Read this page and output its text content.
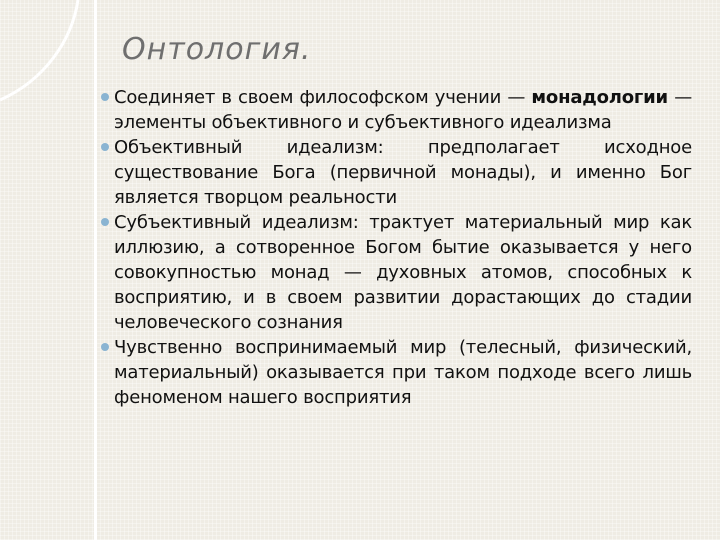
Онтология.
Соединяет в своем философском учении — монадологии — элементы объективного и субъективного идеализма
Объективный идеализм: предполагает исходное существование Бога (первичной монады), и именно Бог является творцом реальности
Субъективный идеализм: трактует материальный мир как иллюзию, а сотворенное Богом бытие оказывается у него совокупностью монад — духовных атомов, способных к восприятию, и в своем развитии дорастающих до стадии человеческого сознания
Чувственно воспринимаемый мир (телесный, физический, материальный) оказывается при таком подходе всего лишь феноменом нашего восприятия
